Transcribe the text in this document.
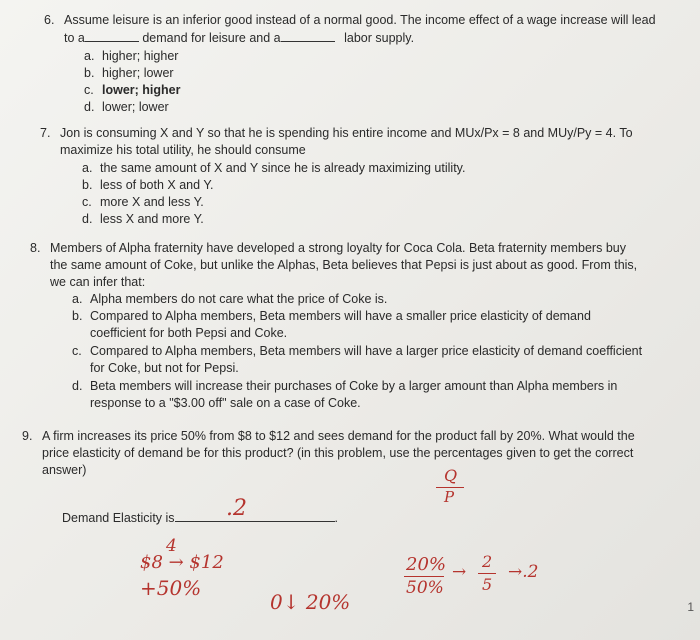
6. Assume leisure is an inferior good instead of a normal good. The income effect of a wage increase will lead
to a	demand for leisure and a	labor supply.
a. higher; higher
b. higher; lower
c. lower; higher
d. lower; lower
7. Jon is consuming X and Y so that he is spending his entire income and MUx/Px = 8 and MUy/Py = 4. To
maximize his total utility, he should consume
a. the same amount of X and Y since he is already maximizing utility.
b. less of both X and Y.
c. more X and less Y.
d. less X and more Y.
8. Members of Alpha fraternity have developed a strong loyalty for Coca Cola. Beta fraternity members buy
the same amount of Coke, but unlike the Alphas, Beta believes that Pepsi is just about as good. From this,
we can infer that:
a. Alpha members do not care what the price of Coke is.
b. Compared to Alpha members, Beta members will have a smaller price elasticity of demand
coefficient for both Pepsi and Coke.
c. Compared to Alpha members, Beta members will have a larger price elasticity of demand coefficient
for Coke, but not for Pepsi.
d. Beta members will increase their purchases of Coke by a larger amount than Alpha members in
response to a "$3.00 off" sale on a case of Coke.
9. A firm increases its price 50% from $8 to $12 and sees demand for the product fall by 20%. What would the
price elasticity of demand be for this product? (in this problem, use the percentages given to get the correct
answer)
Demand Elasticity is	.
.2
Q
P
4
$8 → $12
+50%
0↓ 20%
20%
50%
→
2
5
→.2
1
